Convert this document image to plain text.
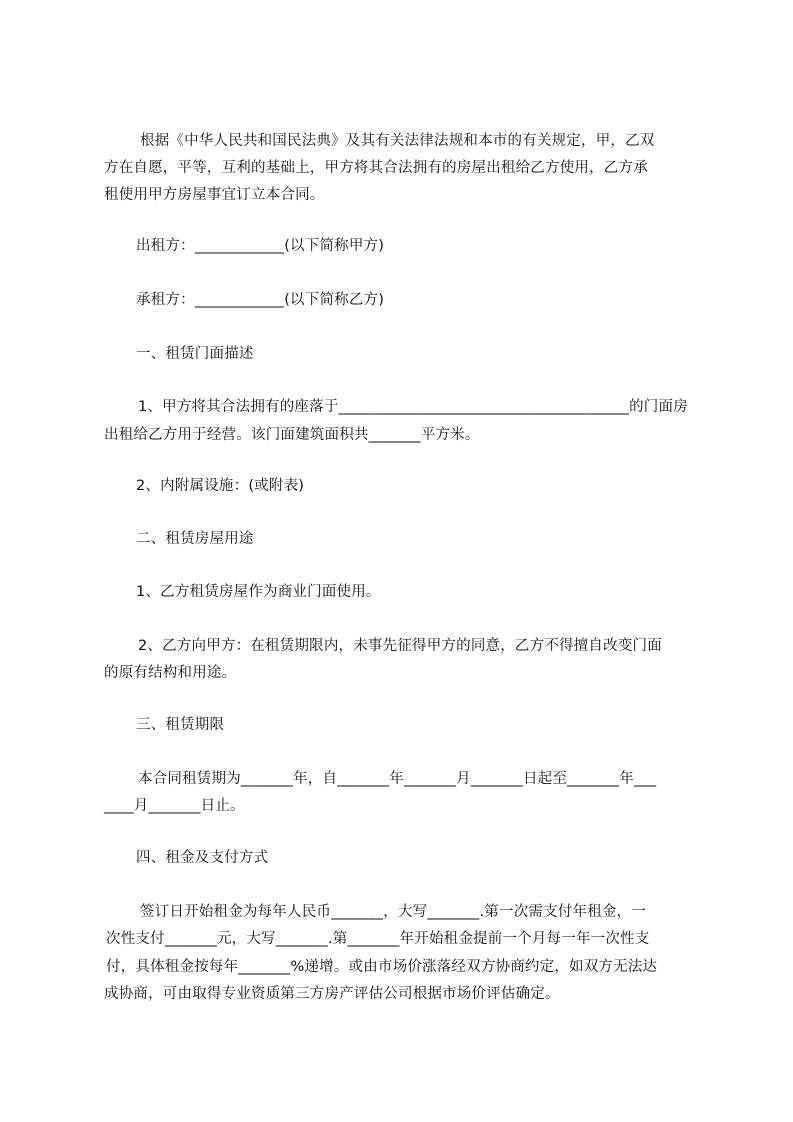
根据《中华人民共和国民法典》及其有关法律法规和本市的有关规定，甲，乙双
方在自愿，平等，互利的基础上，甲方将其合法拥有的房屋出租给乙方使用，乙方承
租使用甲方房屋事宜订立本合同。
出租方：____________(以下简称甲方)
承租方：____________(以下简称乙方)
一、租赁门面描述
1、甲方将其合法拥有的座落于_______________________________________的门面房
出租给乙方用于经营。该门面建筑面积共_______平方米。
2、内附属设施：(或附表)
二、租赁房屋用途
1、乙方租赁房屋作为商业门面使用。
2、乙方向甲方：在租赁期限内，未事先征得甲方的同意，乙方不得擅自改变门面
的原有结构和用途。
三、租赁期限
本合同租赁期为_______年，自_______年_______月_______日起至_______年___
____月_______日止。
四、租金及支付方式
签订日开始租金为每年人民币_______，大写_______.第一次需支付年租金，一
次性支付_______元，大写_______.第_______年开始租金提前一个月每一年一次性支
付，具体租金按每年_______%递增。或由市场价涨落经双方协商约定，如双方无法达
成协商，可由取得专业资质第三方房产评估公司根据市场价评估确定。
